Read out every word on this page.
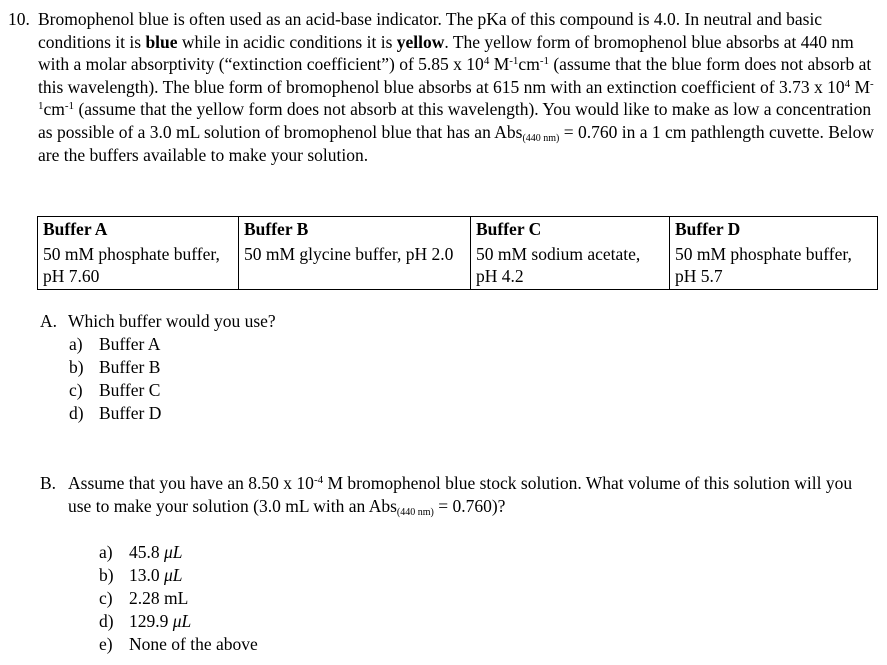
10. Bromophenol blue is often used as an acid-base indicator. The pKa of this compound is 4.0. In neutral and basic conditions it is blue while in acidic conditions it is yellow. The yellow form of bromophenol blue absorbs at 440 nm with a molar absorptivity (“extinction coefficient”) of 5.85 x $10^4$ $M^{-1}cm^{-1}$ (assume that the blue form does not absorb at this wavelength). The blue form of bromophenol blue absorbs at 615 nm with an extinction coefficient of 3.73 x $10^4$ $M^{-1}cm^{-1}$ (assume that the yellow form does not absorb at this wavelength). You would like to make as low a concentration as possible of a 3.0 mL solution of bromophenol blue that has an Abs$_{(440 nm)}$ = 0.760 in a 1 cm pathlength cuvette. Below are the buffers available to make your solution.
Buffer A	Buffer B	Buffer C	Buffer D
50 mM phosphate buffer, pH 7.60	50 mM glycine buffer, pH 2.0	50 mM sodium acetate, pH 4.2	50 mM phosphate buffer, pH 5.7
A. Which buffer would you use?
a) Buffer A
b) Buffer B
c) Buffer C
d) Buffer D
B. Assume that you have an 8.50 x $10^{-4}$ M bromophenol blue stock solution. What volume of this solution will you use to make your solution (3.0 mL with an Abs$_{(440 nm)}$ = 0.760)?
a) 45.8 μL
b) 13.0 μL
c) 2.28 mL
d) 129.9 μL
e) None of the above
